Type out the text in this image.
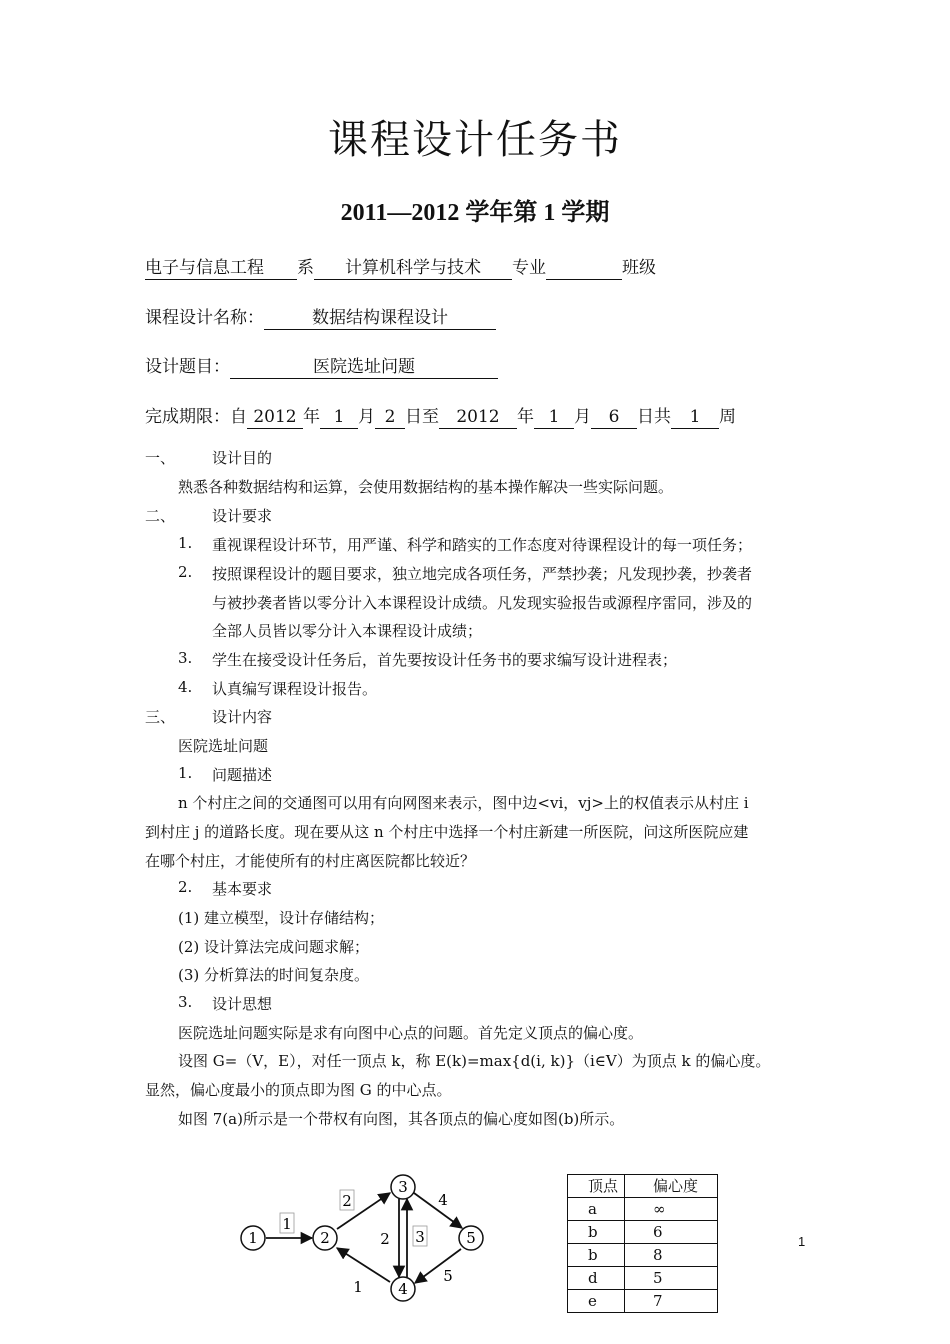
课程设计任务书
2011—2012 学年第 1 学期
电子与信息工程 系 计算机科学与技术 专业	班级
课程设计名称：	数据结构课程设计
设计题目：	医院选址问题
完成期限：自 2012 年 1 月 2 日至 2012 年 1 月 6 日共 1 周
一、 设计目的
熟悉各种数据结构和运算，会使用数据结构的基本操作解决一些实际问题。
二、 设计要求
1. 重视课程设计环节，用严谨、科学和踏实的工作态度对待课程设计的每一项任务；
2. 按照课程设计的题目要求，独立地完成各项任务，严禁抄袭；凡发现抄袭，抄袭者
与被抄袭者皆以零分计入本课程设计成绩。凡发现实验报告或源程序雷同，涉及的
全部人员皆以零分计入本课程设计成绩；
3. 学生在接受设计任务后，首先要按设计任务书的要求编写设计进程表；
4. 认真编写课程设计报告。
三、 设计内容
医院选址问题
1. 问题描述
n 个村庄之间的交通图可以用有向网图来表示，图中边<vi，vj>上的权值表示从村庄 i
到村庄 j 的道路长度。现在要从这 n 个村庄中选择一个村庄新建一所医院，问这所医院应建
在哪个村庄，才能使所有的村庄离医院都比较近？
2. 基本要求
(1) 建立模型，设计存储结构；
(2) 设计算法完成问题求解；
(3) 分析算法的时间复杂度。
3. 设计思想
医院选址问题实际是求有向图中心点的问题。首先定义顶点的偏心度。
设图 G=（V，E），对任一顶点 k，称 E(k)=max{d(i, k)}（i∈V）为顶点 k 的偏心度。
显然，偏心度最小的顶点即为图 G 的中心点。
如图 7(a)所示是一个带权有向图，其各顶点的偏心度如图(b)所示。
1	2
3
4
5
1
2	4
2 3
5
1
顶点	偏心度
a	∞
b	6
b	8
d	5
e	7
1
